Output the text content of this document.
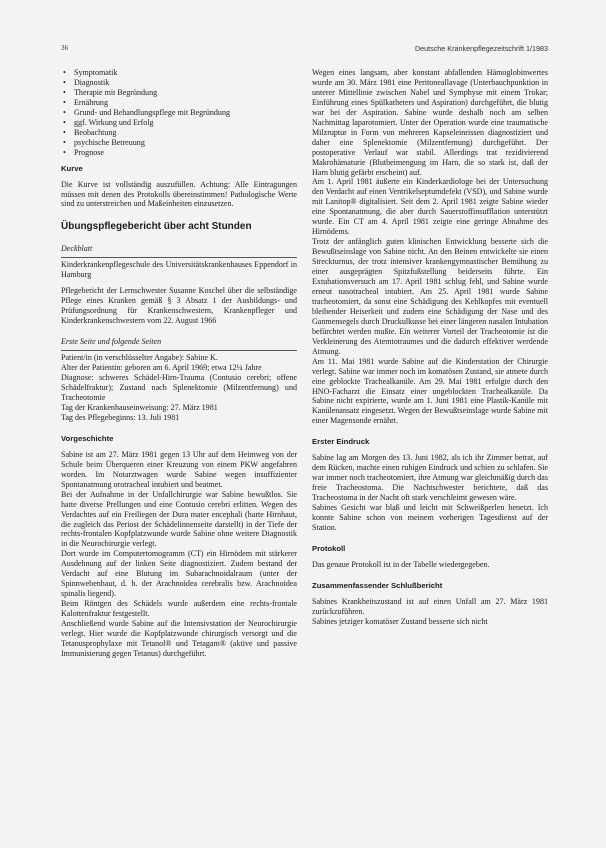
36	Deutsche Krankenpflegezeitschrift 1/1983
• Symptomatik
• Diagnostik
• Therapie mit Begründung
• Ernährung
• Grund- und Behandlungspflege mit Begründung
• ggf. Wirkung und Erfolg
• Beobachtung
• psychische Betreuung
• Prognose
Kurve

Die Kurve ist vollständig auszufüllen. Achtung: Alle Eintragungen müssen mit denen des Protokolls übereinstimmen! Pathologische Werte sind zu unterstreichen und Maßeinheiten einzusetzen.

Übungspflegebericht über acht Stunden
Deckblatt

Kinderkrankenpflegeschule des Universitätskrankenhauses Eppendorf in Hamburg

Pflegebericht der Lernschwester Susanne Koschel über die selbständige Pflege eines Kranken gemäß § 3 Absatz 1 der Ausbildungs- und Prüfungsordnung für Krankenschwestern, Krankenpfleger und Kinderkrankenschwestern vom 22. August 1966

Erste Seite und folgende Seiten

Patient/in (in verschlüsselter Angabe): Sabine K.

Alter der Patientin: geboren am 6. April 1969; etwa 12¼ Jahre

Diagnose: schweres Schädel-Hirn-Trauma (Contusio cerebri; offene Schädelfraktur); Zustand nach Splenektomie (Milzentfernung) und Tracheotomie

Tag der Krankenhauseinweisung: 27. März 1981

Tag des Pflegebeginns: 13. Juli 1981

Vorgeschichte

Sabine ist am 27. März 1981 gegen 13 Uhr auf dem Heimweg von der Schule beim Überqueren einer Kreuzung von einem PKW angefahren worden. Im Notarztwagen wurde Sabine wegen insuffizienter Spontanatmung orotracheal intubiert und beatmet.

Bei der Aufnahme in der Unfallchirurgie war Sabine bewußtlos. Sie hatte diverse Prellungen und eine Contusio cerebri erlitten. Wegen des Verdachtes auf ein Freiliegen der Dura mater encephali (harte Hirnhaut, die zugleich das Periost der Schädelinnenseite darstellt) in der Tiefe der rechts-frontalen Kopfplatzwunde wurde Sabine ohne weitere Diagnostik in die Neurochirurgie verlegt.

Dort wurde im Computertomogramm (CT) ein Hirnödem mit stärkerer Ausdehnung auf der linken Seite diagnostiziert. Zudem bestand der Verdacht auf eine Blutung im Subarachnoidalraum (unter der Spinnwebenhaut, d. h. der Arachnoidea cerebralis bzw. Arachnoidea spinalis liegend).

Beim Röntgen des Schädels wurde außerdem eine rechts-frontale Kalottenfraktur festgestellt.

Anschließend wurde Sabine auf die Intensivstation der Neurochirurgie verlegt. Hier wurde die Kopfplatzwunde chirurgisch versorgt und die Tetanusprophylaxe mit Tetanol® und Tetagam® (aktive und passive Immunisierung gegen Tetanus) durchgeführt.

Wegen eines langsam, aber konstant abfallenden Hämoglobinwertes wurde am 30. März 1981 eine Peritoneallavage (Unterbauchpunktion in unterer Mittellinie zwischen Nabel und Symphyse mit einem Trokar; Einführung eines Spülkatheters und Aspiration) durchgeführt, die blutig war bei der Aspiration. Sabine wurde deshalb noch am selben Nachmittag laparotomiert. Unter der Operation wurde eine traumatische Milzruptur in Form von mehreren Kapseleinrissen diagnostiziert und daher eine Splenektomie (Milzentfernung) durchgeführt. Der postoperative Verlauf war stabil. Allerdings trat rezidivierend Makrohämaturie (Blutbeimengung im Harn, die so stark ist, daß der Harn blutig gefärbt erscheint) auf.

Am 1. April 1981 äußerte ein Kinderkardiologe bei der Untersuchung den Verdacht auf einen Ventrikelseptumdefekt (VSD), und Sabine wurde mit Lanitop® digitalisiert. Seit dem 2. April 1981 zeigte Sabine wieder eine Spontanatmung, die aber durch Sauerstoffinsufflation unterstützt wurde. Ein CT am 4. April 1981 zeigte eine geringe Abnahme des Hirnödems.

Trotz der anfänglich guten klinischen Entwicklung besserte sich die Bewußtseinslage von Sabine nicht. An den Beinen entwickelte sie einen Streckturnus, der trotz intensiver krankengymnastischer Bemühung zu einer ausgeprägten Spitzfußstellung beiderseits führte. Ein Extubationsversuch am 17. April 1981 schlug fehl, und Sabine wurde erneut nasotracheal intubiert. Am 25. April 1981 wurde Sabine tracheotomiert, da sonst eine Schädigung des Kehlkopfes mit eventuell bleibender Heiserkeit und zudem eine Schädigung der Nase und des Ganmensegels durch Druckulkusse bei einer längeren nasalen Intubation befürchtet werden mußte. Ein weiterer Vorteil der Tracheotomie ist die Verkleinerung des Atemtotraumes und die dadurch effektiver werdende Atmung.

Am 11. Mai 1981 wurde Sabine auf die Kinderstation der Chirurgie verlegt. Sabine war immer noch im komatösen Zustand, sie atmete durch eine geblockte Trachealkanüle. Am 29. Mai 1981 erfolgte durch den HNO-Facharzt die Einsatz einer ungeblockten Trachealkanüle. Da Sabine nicht expirierte, wurde am 1. Juni 1981 eine Plastik-Kanüle mit Kanülenansatz eingesetzt. Wegen der Bewußtseinslage wurde Sabine mit einer Magensonde ernährt.

Erster Eindruck

Sabine lag am Morgen des 13. Juni 1982, als ich ihr Zimmer betrat, auf dem Rücken, machte einen ruhigen Eindruck und schien zu schlafen. Sie war immer noch tracheotomiert, ihre Atmung war gleichmäßig durch das freie Tracheostoma. Die Nachtschwester berichtete, daß das Tracheostoma in der Nacht oft stark verschleimt gewesen wäre.

Sabines Gesicht war blaß und leicht mit Schweißperlen benetzt. Ich konnte Sabine schon von meinem vorherigen Tagesdienst auf der Station.

Protokoll

Das genaue Protokoll ist in der Tabelle wiedergegeben.

Zusammenfassender Schlußbericht

Sabines Krankheitszustand ist auf einen Unfall am 27. März 1981 zurückzuführen.

Sabines jetziger komatöser Zustand besserte sich nicht
